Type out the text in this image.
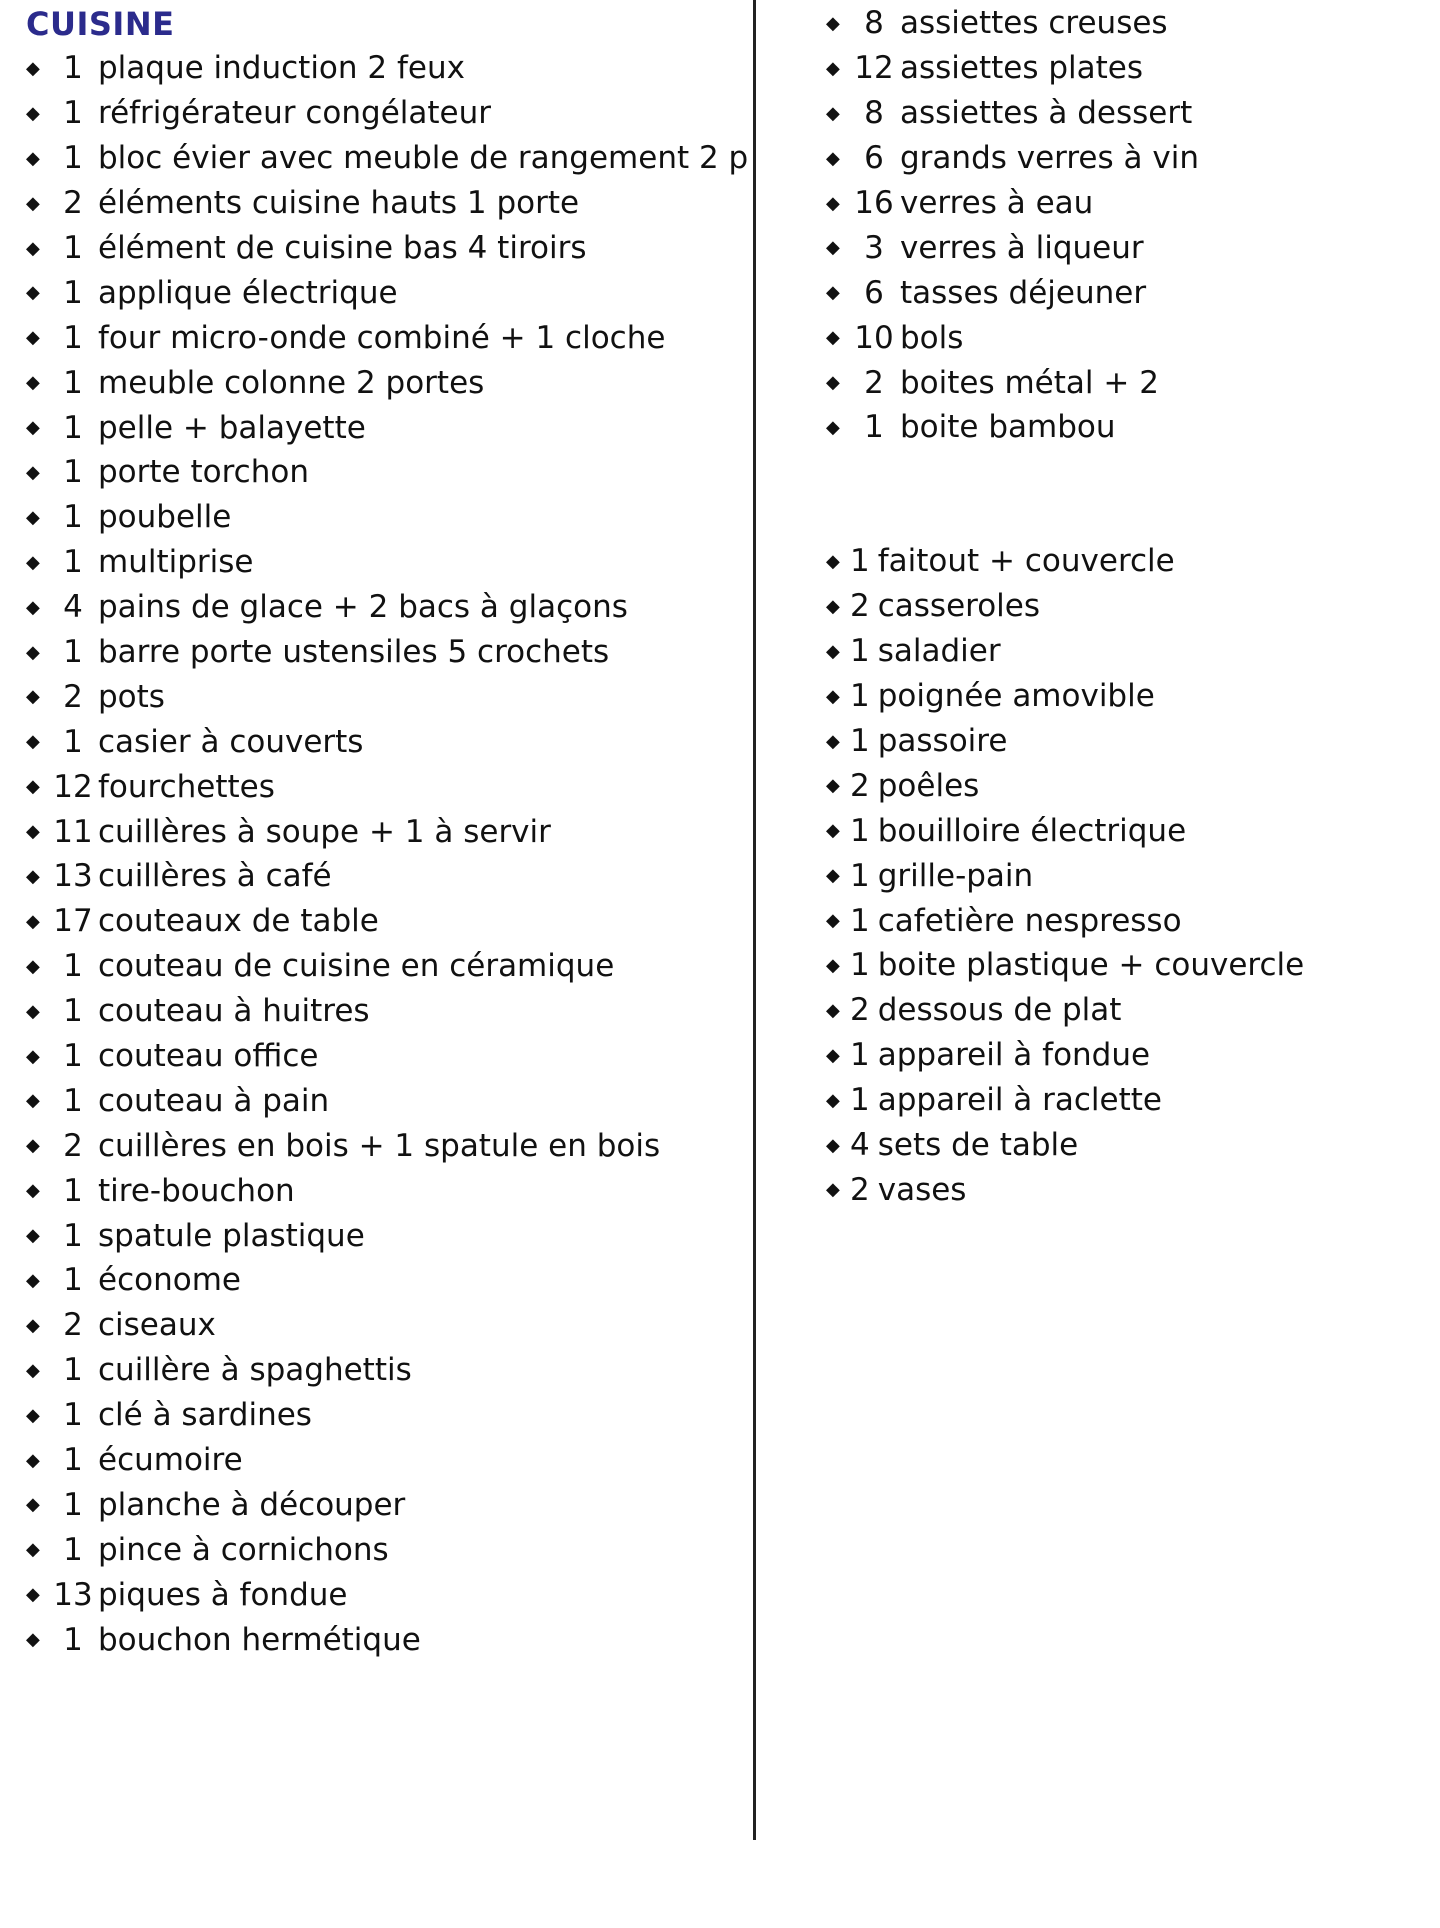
CUISINE
◆ 1 plaque induction 2 feux
◆ 1 réfrigérateur congélateur
◆ 1 bloc évier avec meuble de rangement 2 p
◆ 2 éléments cuisine hauts 1 porte
◆ 1 élément de cuisine bas 4 tiroirs
◆ 1 applique électrique
◆ 1 four micro-onde combiné + 1 cloche
◆ 1 meuble colonne 2 portes
◆ 1 pelle + balayette
◆ 1 porte torchon
◆ 1 poubelle
◆ 1 multiprise
◆ 4 pains de glace + 2 bacs à glaçons
◆ 1 barre porte ustensiles 5 crochets
◆ 2 pots
◆ 1 casier à couverts
◆ 12 fourchettes
◆ 11 cuillères à soupe + 1 à servir
◆ 13 cuillères à café
◆ 17 couteaux de table
◆ 1 couteau de cuisine en céramique
◆ 1 couteau à huitres
◆ 1 couteau office
◆ 1 couteau à pain
◆ 2 cuillères en bois + 1 spatule en bois
◆ 1 tire-bouchon
◆ 1 spatule plastique
◆ 1 économe
◆ 2 ciseaux
◆ 1 cuillère à spaghettis
◆ 1 clé à sardines
◆ 1 écumoire
◆ 1 planche à découper
◆ 1 pince à cornichons
◆ 13 piques à fondue
◆ 1 bouchon hermétique
◆ 8 assiettes creuses
◆ 12 assiettes plates
◆ 8 assiettes à dessert
◆ 6 grands verres à vin
◆ 16 verres à eau
◆ 3 verres à liqueur
◆ 6 tasses déjeuner
◆ 10 bols
◆ 2 boites métal + 2
◆ 1 boite bambou
◆ 1 faitout + couvercle
◆ 2 casseroles
◆ 1 saladier
◆ 1 poignée amovible
◆ 1 passoire
◆ 2 poêles
◆ 1 bouilloire électrique
◆ 1 grille-pain
◆ 1 cafetière nespresso
◆ 1 boite plastique + couvercle
◆ 2 dessous de plat
◆ 1 appareil à fondue
◆ 1 appareil à raclette
◆ 4 sets de table
◆ 2 vases
